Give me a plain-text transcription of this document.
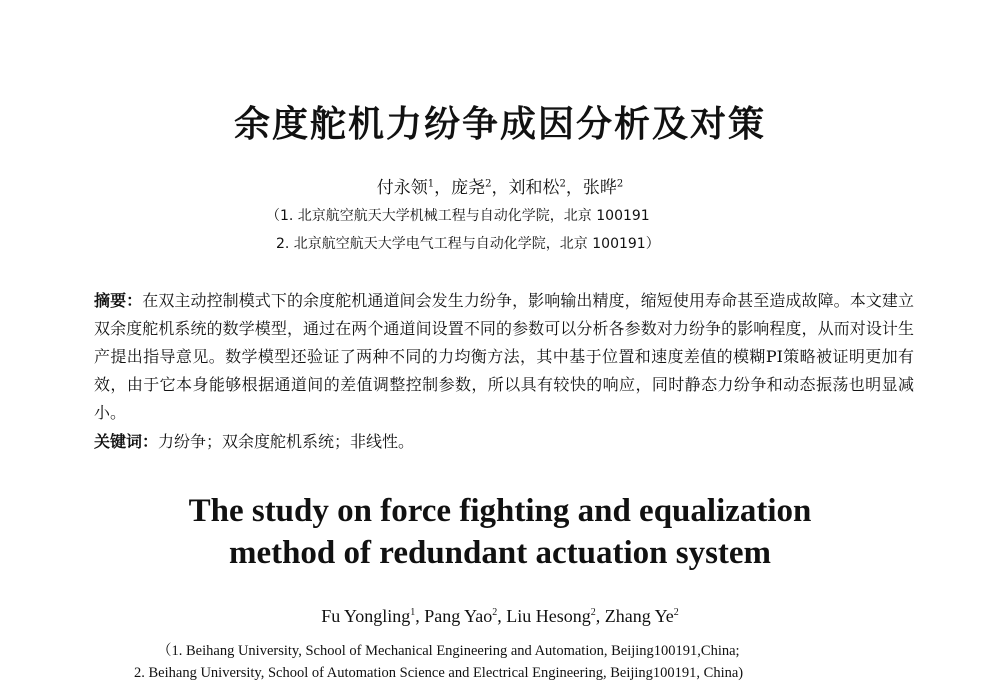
余度舵机力纷争成因分析及对策
付永领$^1$，庞尧$^2$，刘和松$^2$，张晔$^2$
（1. 北京航空航天大学机械工程与自动化学院，北京 100191
2. 北京航空航天大学电气工程与自动化学院，北京 100191）
摘要：在双主动控制模式下的余度舵机通道间会发生力纷争，影响输出精度，缩短使用寿命甚至造成故障。本文建立双余度舵机系统的数学模型，通过在两个通道间设置不同的参数可以分析各参数对力纷争的影响程度，从而对设计生产提出指导意见。数学模型还验证了两种不同的力均衡方法，其中基于位置和速度差值的模糊PI策略被证明更加有效，由于它本身能够根据通道间的差值调整控制参数，所以具有较快的响应，同时静态力纷争和动态振荡也明显减小。
关键词：力纷争；双余度舵机系统；非线性。
The study on force fighting and equalization
method of redundant actuation system
Fu Yongling$^1$, Pang Yao$^2$, Liu Hesong$^2$, Zhang Ye$^2$
（1. Beihang University, School of Mechanical Engineering and Automation, Beijing100191,China;
2. Beihang University, School of Automation Science and Electrical Engineering, Beijing100191, China)
